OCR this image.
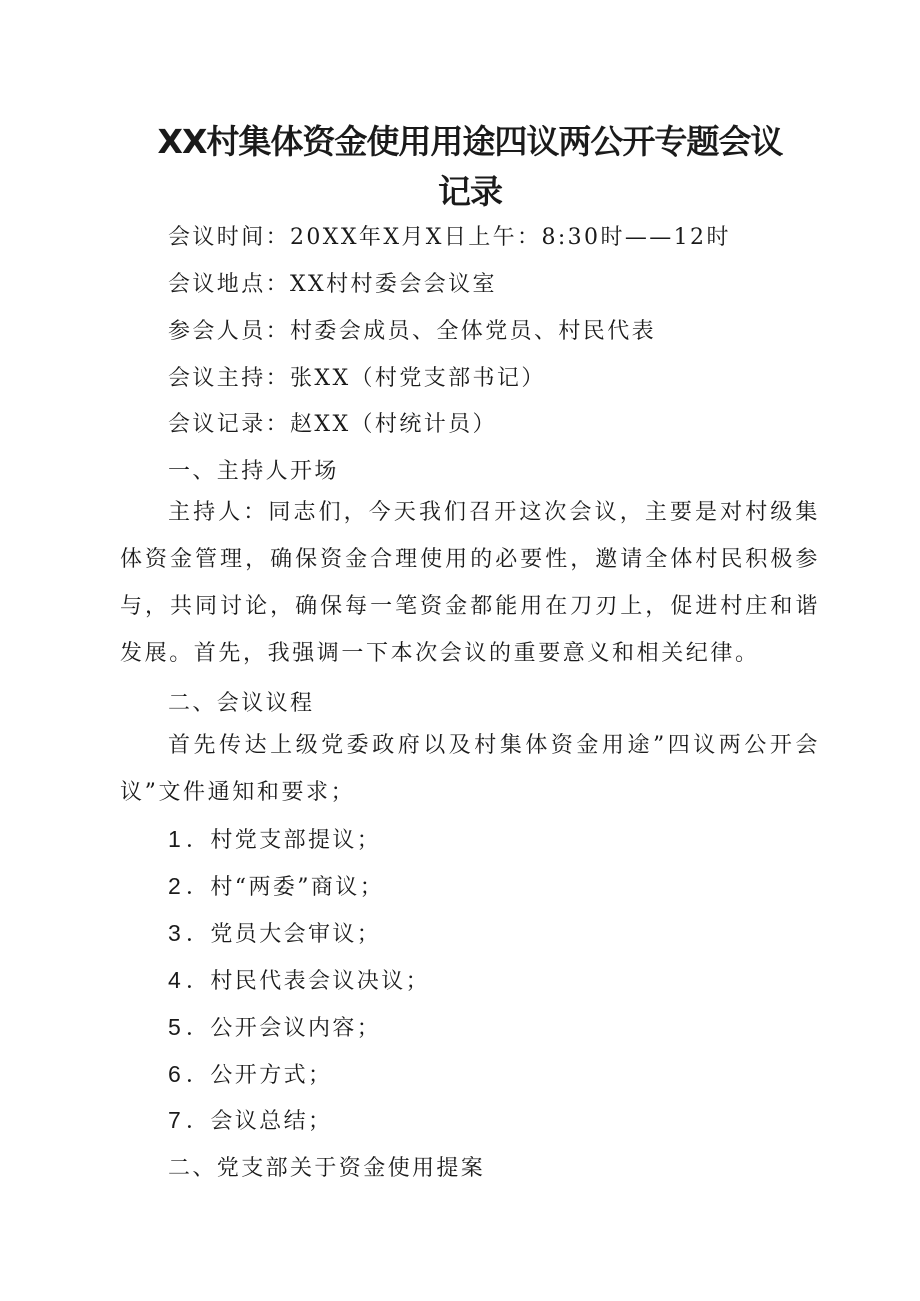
XX村集体资金使用用途四议两公开专题会议
记录

会议时间：20XX年X月X日上午：8:30时——12时

会议地点：XX村村委会会议室

参会人员：村委会成员、全体党员、村民代表

会议主持：张XX（村党支部书记）

会议记录：赵XX（村统计员）

一、主持人开场

主持人：同志们，今天我们召开这次会议，主要是对村级集体资金管理，确保资金合理使用的必要性，邀请全体村民积极参与，共同讨论，确保每一笔资金都能用在刀刃上，促进村庄和谐发展。首先，我强调一下本次会议的重要意义和相关纪律。

二、会议议程

首先传达上级党委政府以及村集体资金用途”四议两公开会议”文件通知和要求；

1 ．村党支部提议；

2 ．村“两委”商议；

3 ．党员大会审议；

4 ．村民代表会议决议；

5 ．公开会议内容；

6 ．公开方式；

7 ．会议总结；

二、党支部关于资金使用提案
